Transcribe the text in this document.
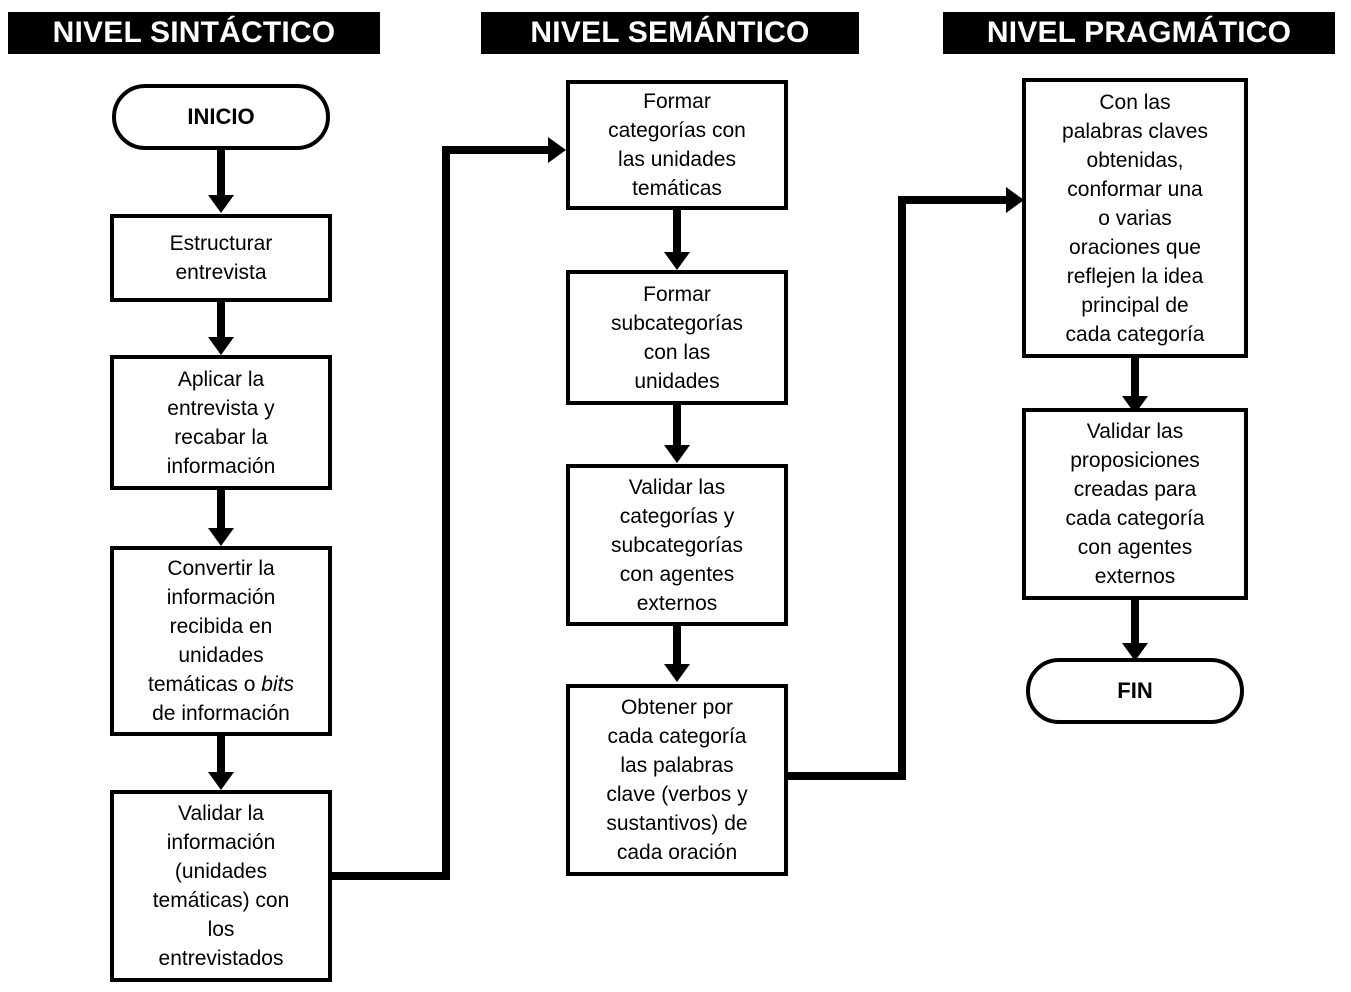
NIVEL SINTÁCTICO	NIVEL SEMÁNTICO	NIVEL PRAGMÁTICO
INICIO
Estructurar
entrevista
Aplicar la
entrevista y
recabar la
información
Convertir la
información
recibida en
unidades
temáticas o bits
de información
Validar la
información
(unidades
temáticas) con
los
entrevistados
Formar
categorías con
las unidades
temáticas
Formar
subcategorías
con las
unidades
Validar las
categorías y
subcategorías
con agentes
externos
Obtener por
cada categoría
las palabras
clave (verbos y
sustantivos) de
cada oración
Con las
palabras claves
obtenidas,
conformar una
o varias
oraciones que
reflejen la idea
principal de
cada categoría
Validar las
proposiciones
creadas para
cada categoría
con agentes
externos
FIN
